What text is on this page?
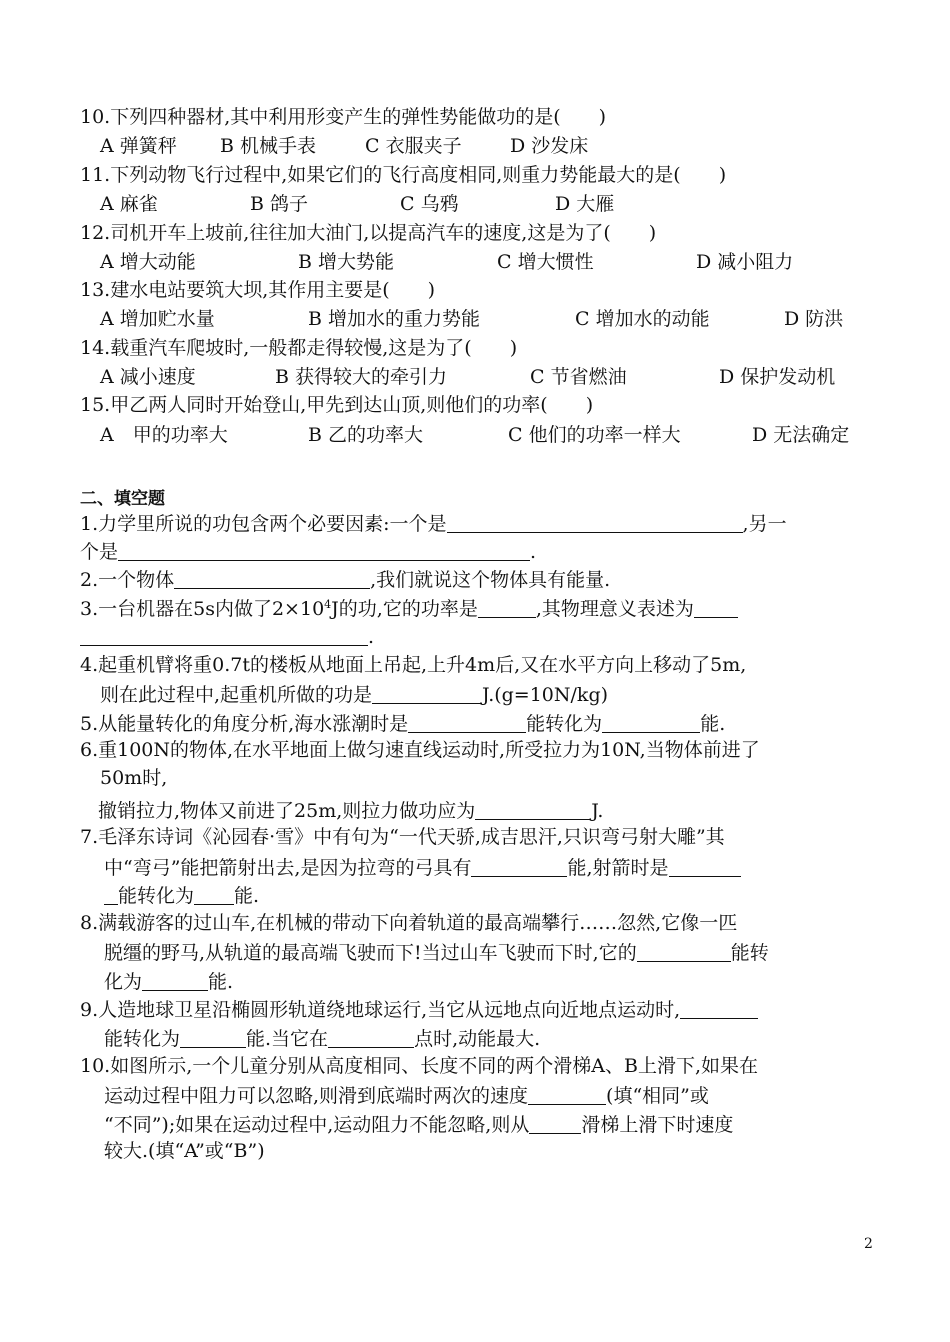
10.下列四种器材,其中利用形变产生的弹性势能做功的是(　　)
A 弹簧秤 B 机械手表	C 衣服夹子	D 沙发床
11.下列动物飞行过程中,如果它们的飞行高度相同,则重力势能最大的是(　　)
A 麻雀	B 鸽子	C 乌鸦	D 大雁
12.司机开车上坡前,往往加大油门,以提高汽车的速度,这是为了(　　)
A 增大动能	B 增大势能	C 增大惯性	D 减小阻力
13.建水电站要筑大坝,其作用主要是(　　)
A 增加贮水量	B 增加水的重力势能	C 增加水的动能	D 防洪
14.载重汽车爬坡时,一般都走得较慢,这是为了(　　)
A 减小速度	B 获得较大的牵引力	C 节省燃油	D 保护发动机
15.甲乙两人同时开始登山,甲先到达山顶,则他们的功率(　　)
A　甲的功率大	B 乙的功率大	C 他们的功率一样大	D 无法确定
二、填空题
1.力学里所说的功包含两个必要因素:一个是	,另一
个是	.
2.一个物体	,我们就说这个物体具有能量.
3.一台机器在5s内做了$2\times 10^4J$的功,它的功率是	,其物理意义表述为
.
4.起重机臂将重0.7t的楼板从地面上吊起,上升4m后,又在水平方向上移动了5m,
则在此过程中,起重机所做的功是	J.(g=10N/kg)
5.从能量转化的角度分析,海水涨潮时是	能转化为	能.
6.重100N的物体,在水平地面上做匀速直线运动时,所受拉力为10N,当物体前进了
50m时,
撤销拉力,物体又前进了25m,则拉力做功应为	J.
7.毛泽东诗词《沁园春·雪》中有句为“一代天骄,成吉思汗,只识弯弓射大雕”其
中“弯弓”能把箭射出去,是因为拉弯的弓具有	能,射箭时是
能转化为 能.
8.满载游客的过山车,在机械的带动下向着轨道的最高端攀行……忽然,它像一匹
脱缰的野马,从轨道的最高端飞驶而下!当过山车飞驶而下时,它的	能转
化为	能.
9.人造地球卫星沿椭圆形轨道绕地球运行,当它从远地点向近地点运动时,
能转化为	能.当它在	点时,动能最大.
10.如图所示,一个儿童分别从高度相同、长度不同的两个滑梯A、B上滑下,如果在
运动过程中阻力可以忽略,则滑到底端时两次的速度	(填“相同”或
“不同”);如果在运动过程中,运动阻力不能忽略,则从	滑梯上滑下时速度
较大.(填“A”或“B”)
2
